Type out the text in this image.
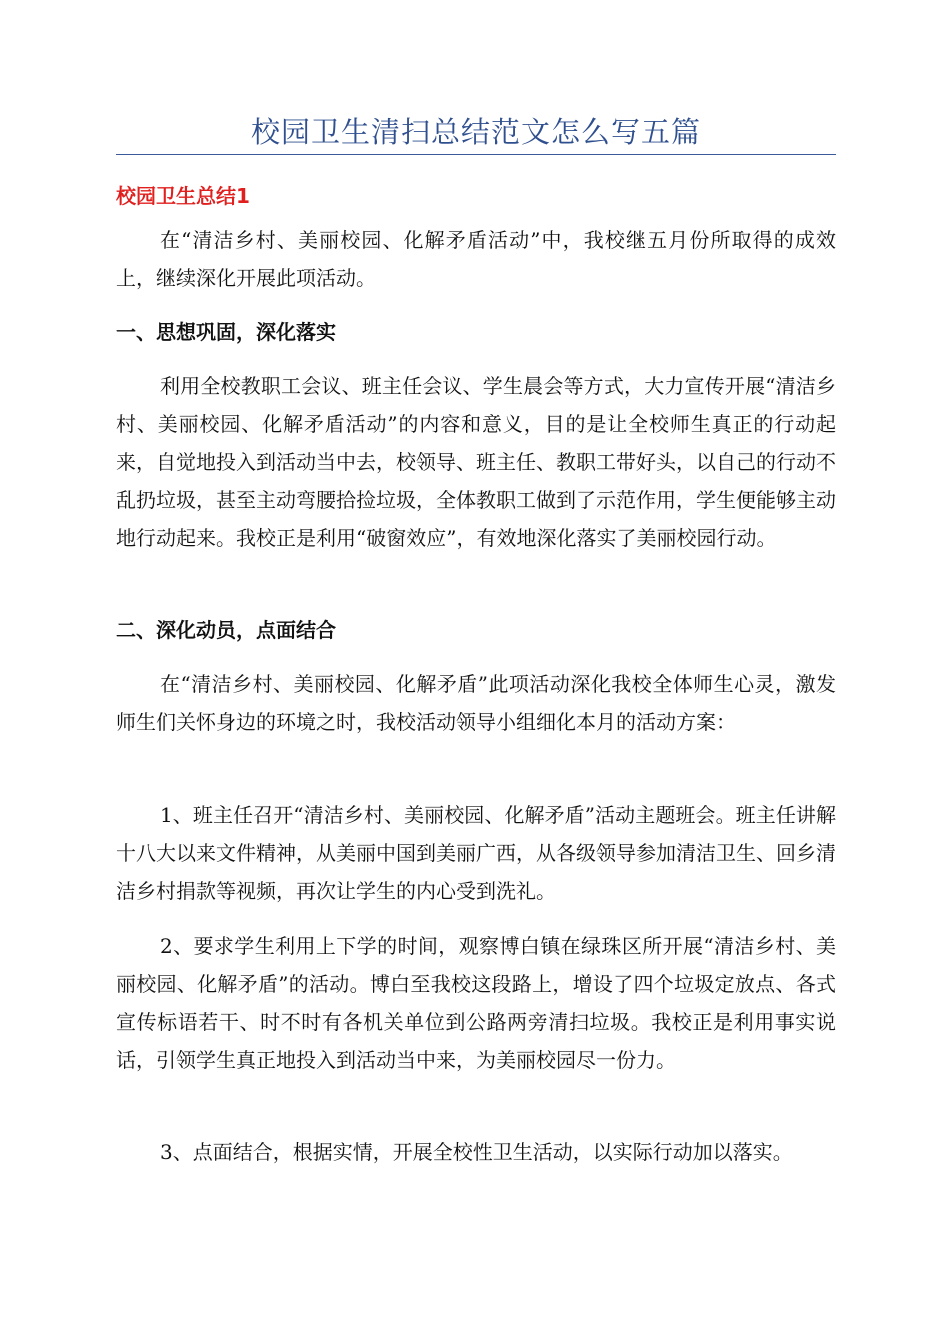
校园卫生清扫总结范文怎么写五篇
校园卫生总结1

在“清洁乡村、美丽校园、化解矛盾活动”中，我校继五月份所取得的成效上，继续深化开展此项活动。

一、思想巩固，深化落实

利用全校教职工会议、班主任会议、学生晨会等方式，大力宣传开展“清洁乡村、美丽校园、化解矛盾活动”的内容和意义，目的是让全校师生真正的行动起来，自觉地投入到活动当中去，校领导、班主任、教职工带好头，以自己的行动不乱扔垃圾，甚至主动弯腰拾捡垃圾，全体教职工做到了示范作用，学生便能够主动地行动起来。我校正是利用“破窗效应”，有效地深化落实了美丽校园行动。

二、深化动员，点面结合

在“清洁乡村、美丽校园、化解矛盾”此项活动深化我校全体师生心灵，激发师生们关怀身边的环境之时，我校活动领导小组细化本月的活动方案：

1、班主任召开“清洁乡村、美丽校园、化解矛盾”活动主题班会。班主任讲解十八大以来文件精神，从美丽中国到美丽广西，从各级领导参加清洁卫生、回乡清洁乡村捐款等视频，再次让学生的内心受到洗礼。

2、要求学生利用上下学的时间，观察博白镇在绿珠区所开展“清洁乡村、美丽校园、化解矛盾”的活动。博白至我校这段路上，增设了四个垃圾定放点、各式宣传标语若干、时不时有各机关单位到公路两旁清扫垃圾。我校正是利用事实说话，引领学生真正地投入到活动当中来，为美丽校园尽一份力。

3、点面结合，根据实情，开展全校性卫生活动，以实际行动加以落实。
